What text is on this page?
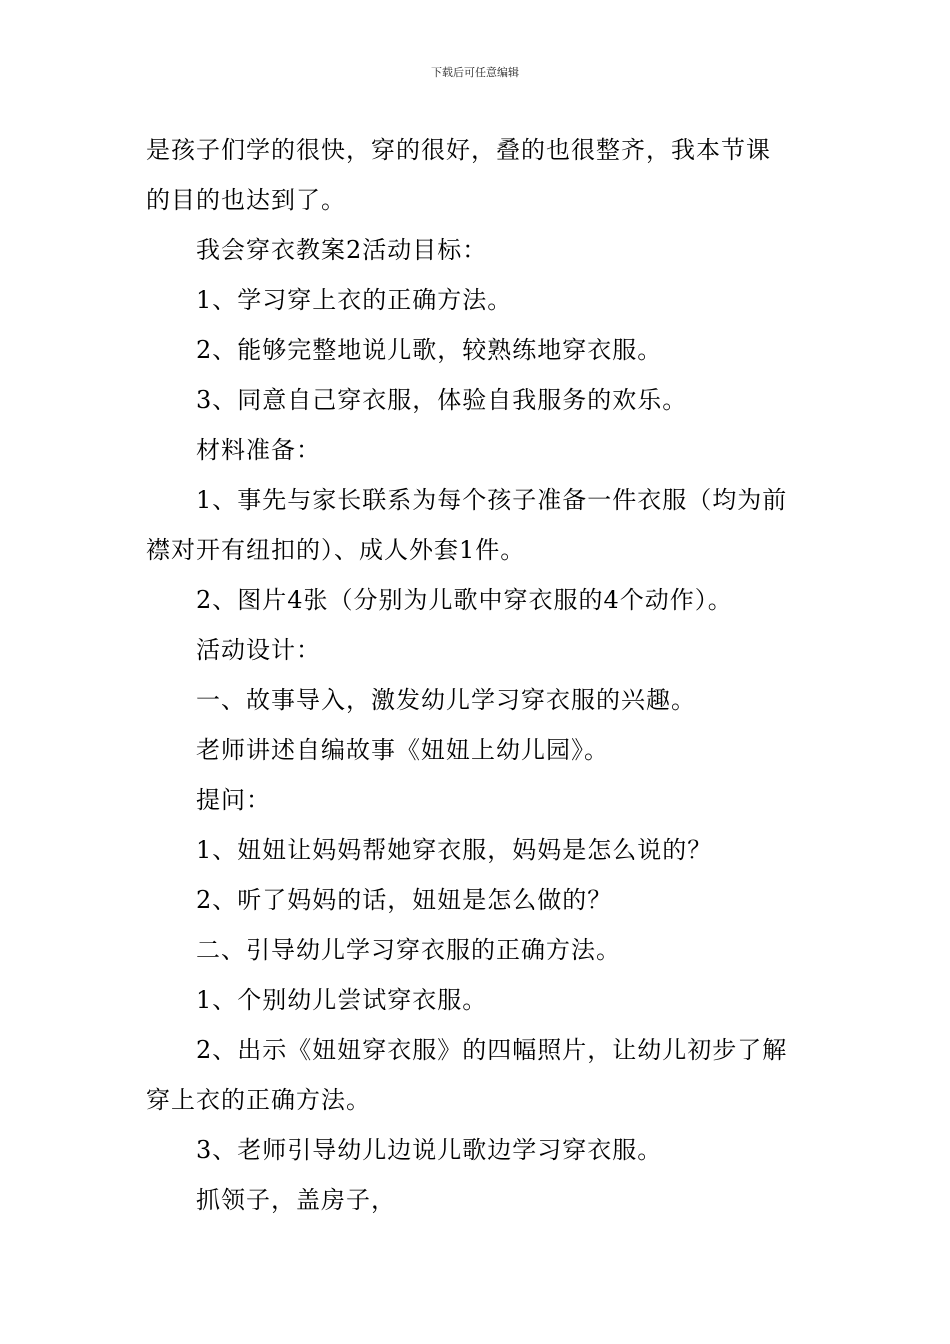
下载后可任意编辑

是孩子们学的很快，穿的很好，叠的也很整齐，我本节课

的目的也达到了。

我会穿衣教案2活动目标：

1、学习穿上衣的正确方法。

2、能够完整地说儿歌，较熟练地穿衣服。

3、同意自己穿衣服，体验自我服务的欢乐。

材料准备：

1、事先与家长联系为每个孩子准备一件衣服（均为前

襟对开有纽扣的）、成人外套1件。

2、图片4张（分别为儿歌中穿衣服的4个动作）。

活动设计：

一、故事导入，激发幼儿学习穿衣服的兴趣。

老师讲述自编故事《妞妞上幼儿园》。

提问：

1、妞妞让妈妈帮她穿衣服，妈妈是怎么说的？

2、听了妈妈的话，妞妞是怎么做的？

二、引导幼儿学习穿衣服的正确方法。

1、个别幼儿尝试穿衣服。

2、出示《妞妞穿衣服》的四幅照片，让幼儿初步了解

穿上衣的正确方法。

3、老师引导幼儿边说儿歌边学习穿衣服。

抓领子，盖房子，
